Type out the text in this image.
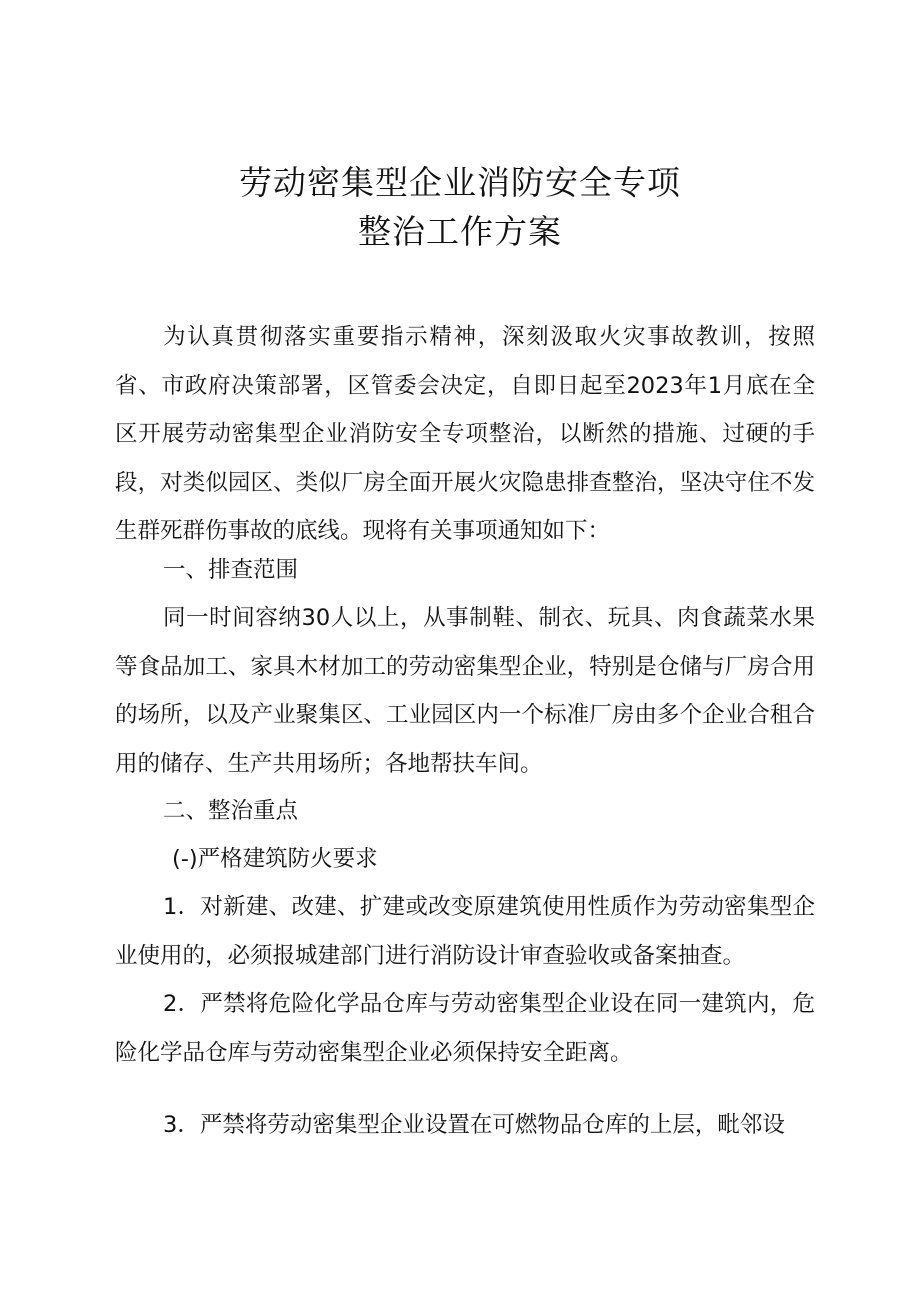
劳动密集型企业消防安全专项
整治工作方案

为认真贯彻落实重要指示精神，深刻汲取火灾事故教训，按照省、市政府决策部署，区管委会决定，自即日起至2023年1月底在全区开展劳动密集型企业消防安全专项整治，以断然的措施、过硬的手段，对类似园区、类似厂房全面开展火灾隐患排查整治，坚决守住不发生群死群伤事故的底线。现将有关事项通知如下：

一、排查范围

同一时间容纳30人以上，从事制鞋、制衣、玩具、肉食蔬菜水果等食品加工、家具木材加工的劳动密集型企业，特别是仓储与厂房合用的场所，以及产业聚集区、工业园区内一个标准厂房由多个企业合租合用的储存、生产共用场所；各地帮扶车间。

二、整治重点

(-)严格建筑防火要求

1．对新建、改建、扩建或改变原建筑使用性质作为劳动密集型企业使用的，必须报城建部门进行消防设计审查验收或备案抽查。

2．严禁将危险化学品仓库与劳动密集型企业设在同一建筑内，危险化学品仓库与劳动密集型企业必须保持安全距离。

3．严禁将劳动密集型企业设置在可燃物品仓库的上层，毗邻设
